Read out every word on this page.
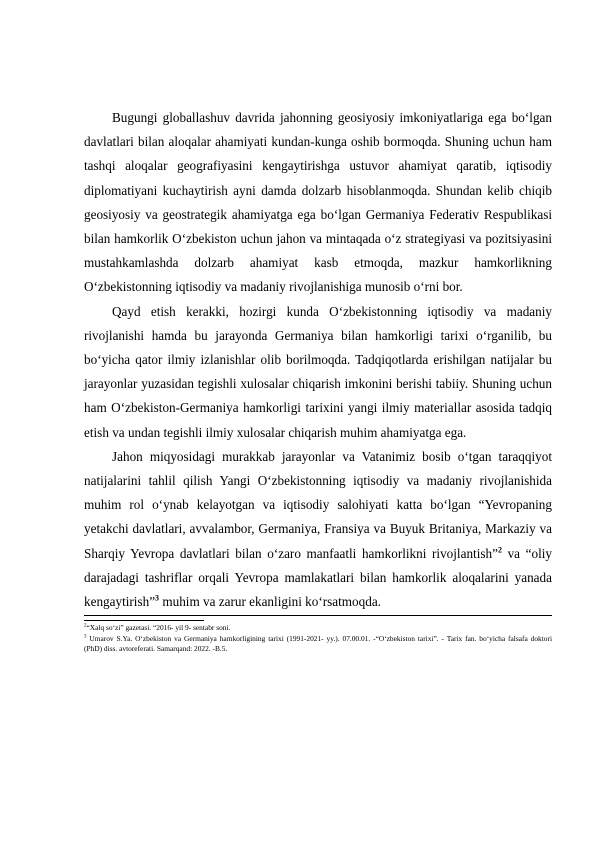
Bugungi globallashuv davrida jahonning geosiyosiy imkoniyatlariga ega bo‘lgan davlatlari bilan aloqalar ahamiyati kundan-kunga oshib bormoqda. Shuning uchun ham tashqi aloqalar geografiyasini kengaytirishga ustuvor ahamiyat qaratib, iqtisodiy diplomatiyani kuchaytirish ayni damda dolzarb hisoblanmoqda. Shundan kelib chiqib geosiyosiy va geostrategik ahamiyatga ega bo‘lgan Germaniya Federativ Respublikasi bilan hamkorlik O‘zbekiston uchun jahon va mintaqada o‘z strategiyasi va pozitsiyasini mustahkamlashda dolzarb ahamiyat kasb etmoqda, mazkur hamkorlikning O‘zbekistonning iqtisodiy va madaniy rivojlanishiga munosib o‘rni bor.

Qayd etish kerakki, hozirgi kunda O‘zbekistonning iqtisodiy va madaniy rivojlanishi hamda bu jarayonda Germaniya bilan hamkorligi tarixi o‘rganilib, bu bo‘yicha qator ilmiy izlanishlar olib borilmoqda. Tadqiqotlarda erishilgan natijalar bu jarayonlar yuzasidan tegishli xulosalar chiqarish imkonini berishi tabiiy. Shuning uchun ham O‘zbekiston-Germaniya hamkorligi tarixini yangi ilmiy materiallar asosida tadqiq etish va undan tegishli ilmiy xulosalar chiqarish muhim ahamiyatga ega.

Jahon miqyosidagi murakkab jarayonlar va Vatanimiz bosib o‘tgan taraqqiyot natijalarini tahlil qilish Yangi O‘zbekistonning iqtisodiy va madaniy rivojlanishida muhim rol o‘ynab kelayotgan va iqtisodiy salohiyati katta bo‘lgan “Yevropaning yetakchi davlatlari, avvalambor, Germaniya, Fransiya va Buyuk Britaniya, Markaziy va Sharqiy Yevropa davlatlari bilan o‘zaro manfaatli hamkorlikni rivojlantish”$^2$ va “oliy darajadagi tashriflar orqali Yevropa mamlakatlari bilan hamkorlik aloqalarini yanada kengaytirish”$^3$ muhim va zarur ekanligini ko‘rsatmoqda.

$^2$“Xalq so‘zi” gazetasi. “2016- yil 9- sentabr soni.

$^3$ Umarov S.Ya. O‘zbekiston va Germaniya hamkorligining tarixi (1991-2021- yy.). 07.00.01. -“O‘zbekiston tarixi”. - Tarix fan. bo‘yicha falsafa doktori (PhD) diss. avtoreferati. Samarqand: 2022. -B.5.
